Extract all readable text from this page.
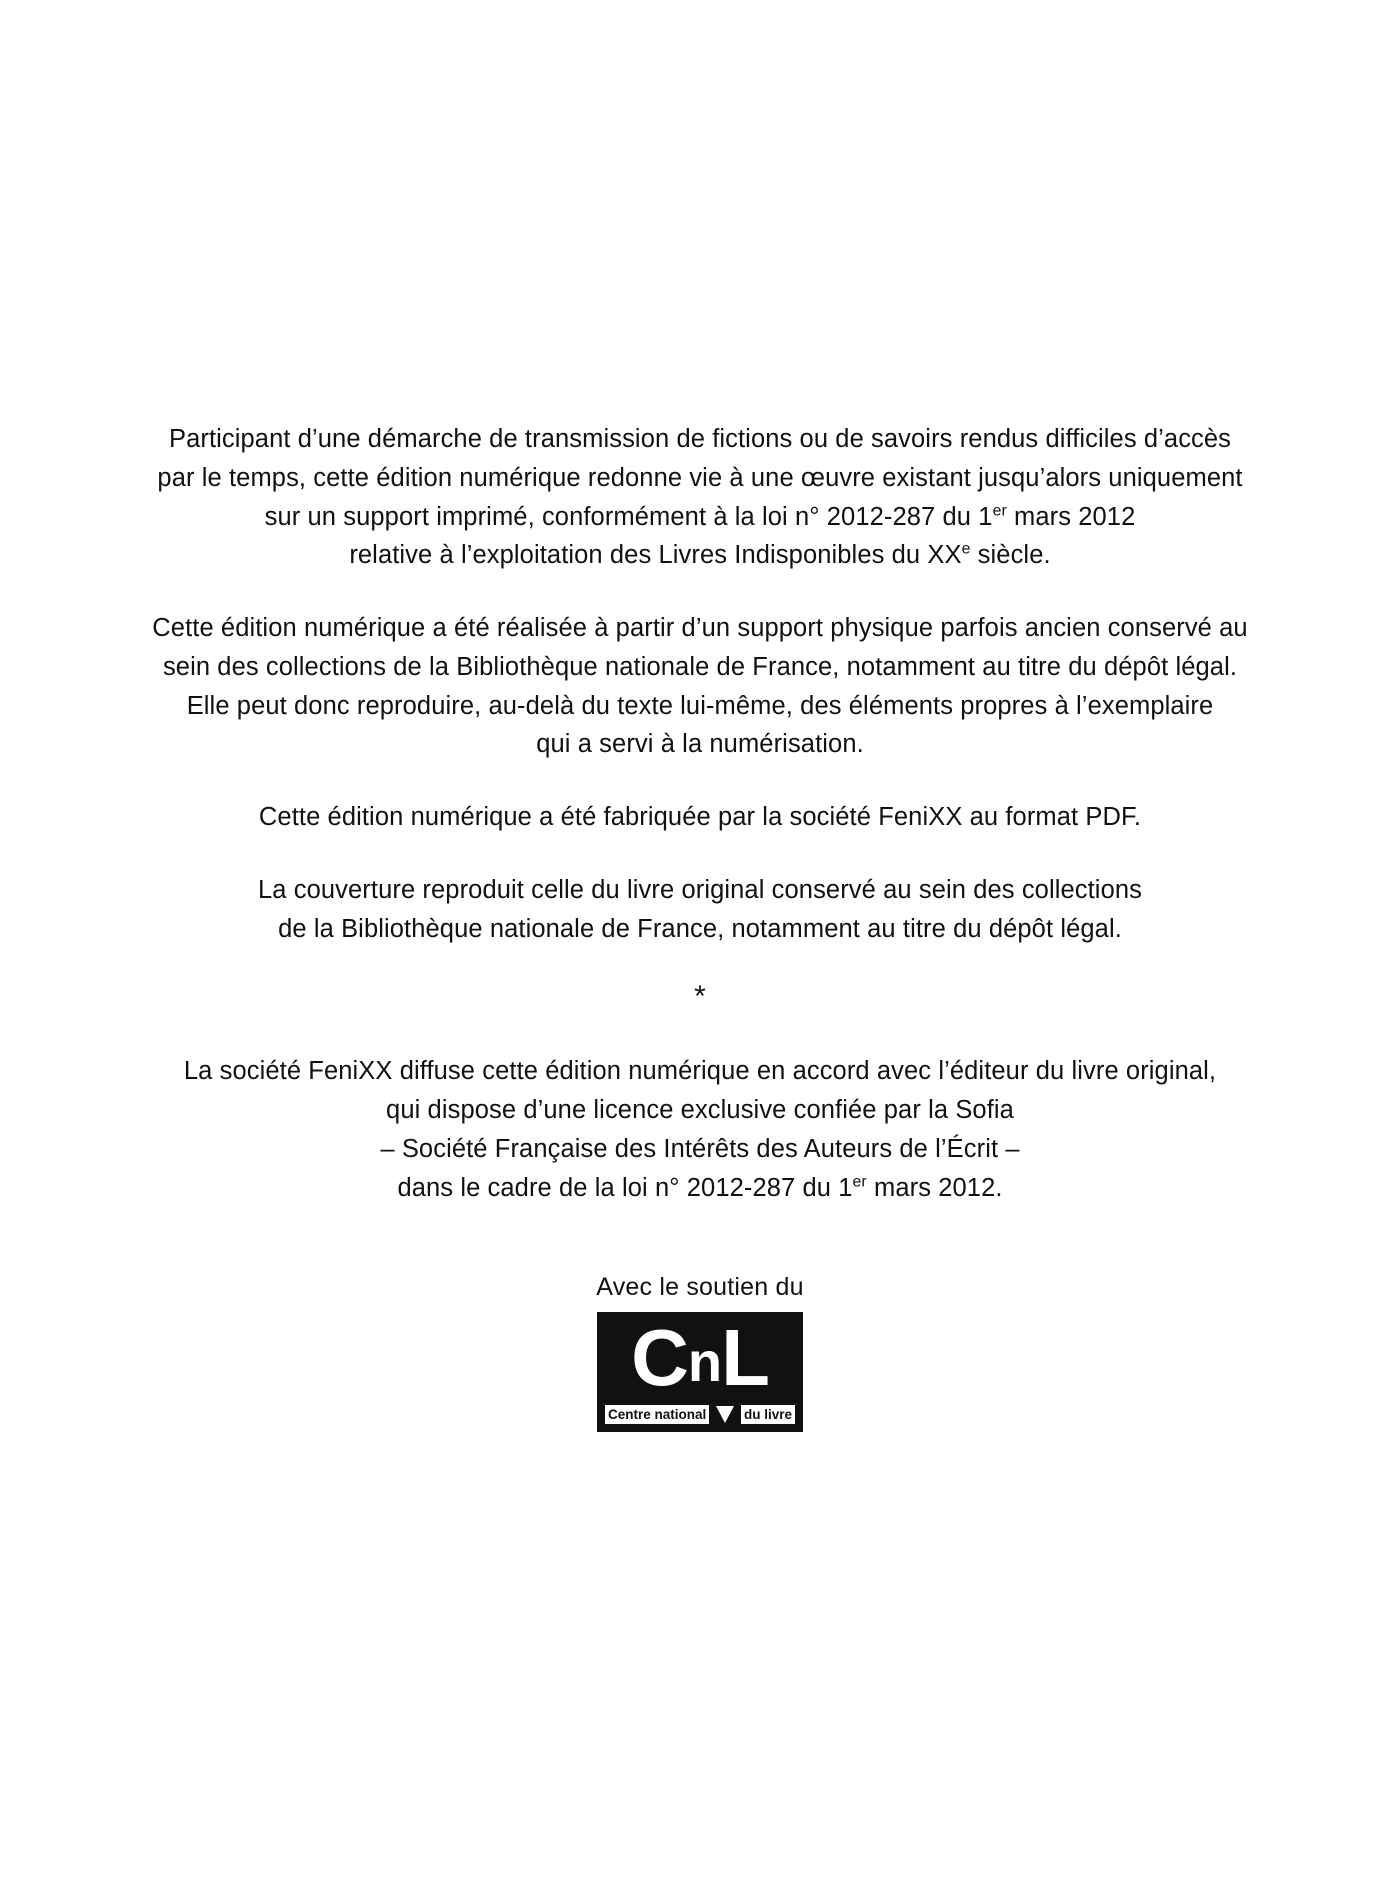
Participant d’une démarche de transmission de fictions ou de savoirs rendus difficiles d’accès
par le temps, cette édition numérique redonne vie à une œuvre existant jusqu’alors uniquement
sur un support imprimé, conformément à la loi n° 2012-287 du 1er mars 2012
relative à l’exploitation des Livres Indisponibles du XXe siècle.

Cette édition numérique a été réalisée à partir d’un support physique parfois ancien conservé au
sein des collections de la Bibliothèque nationale de France, notamment au titre du dépôt légal.
Elle peut donc reproduire, au-delà du texte lui-même, des éléments propres à l’exemplaire
qui a servi à la numérisation.

Cette édition numérique a été fabriquée par la société FeniXX au format PDF.

La couverture reproduit celle du livre original conservé au sein des collections
de la Bibliothèque nationale de France, notamment au titre du dépôt légal.

*

La société FeniXX diffuse cette édition numérique en accord avec l’éditeur du livre original,
qui dispose d’une licence exclusive confiée par la Sofia
– Société Française des Intérêts des Auteurs de l’Écrit –
dans le cadre de la loi n° 2012-287 du 1er mars 2012.

Avec le soutien du
CnL
Centre national	du livre
